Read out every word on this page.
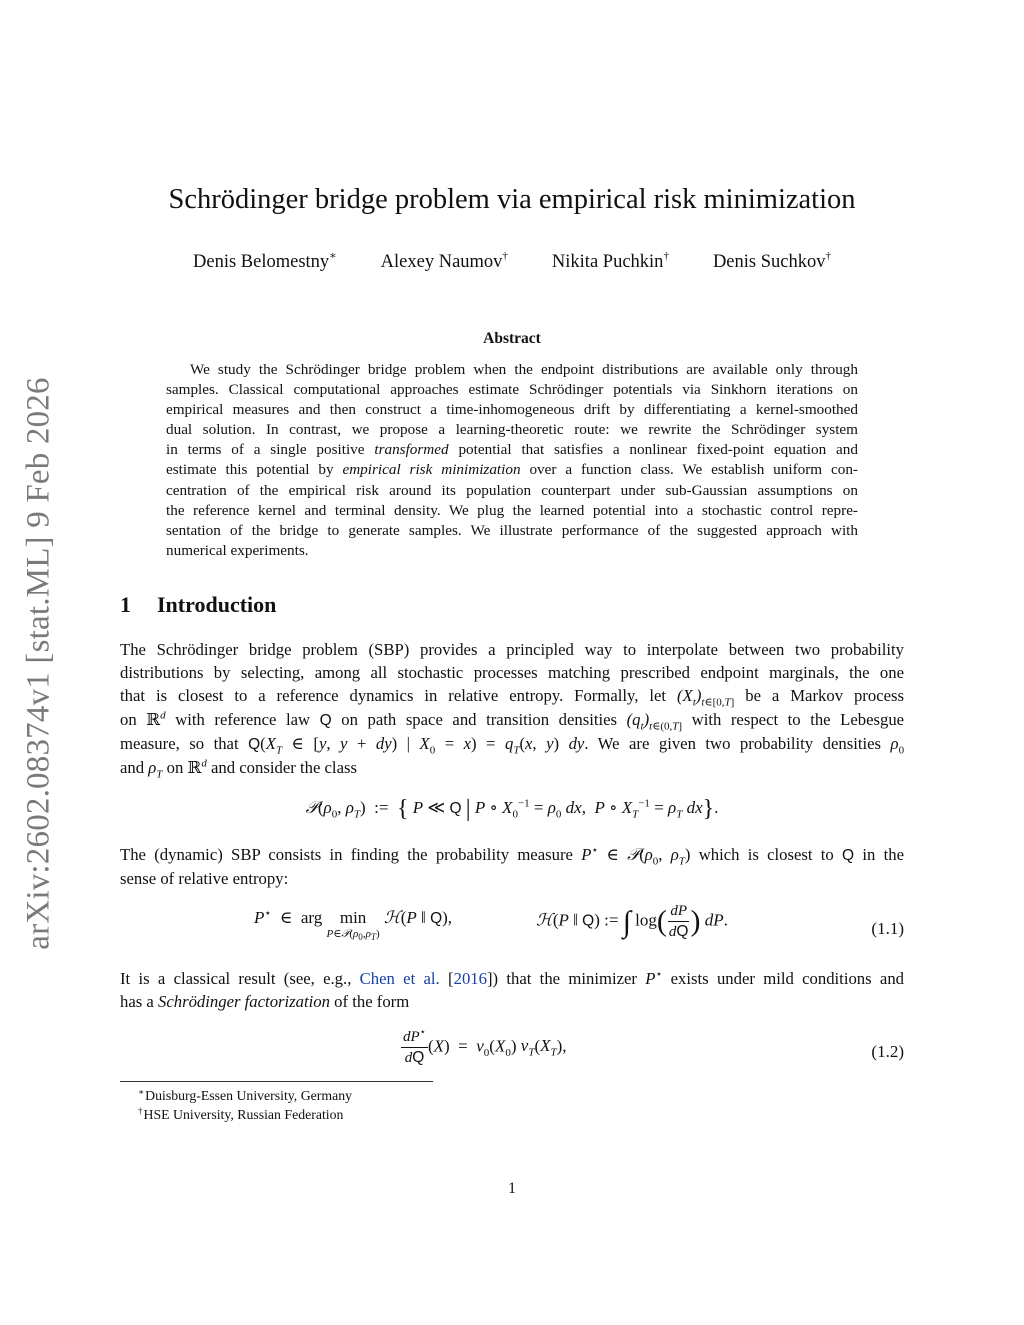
arXiv:2602.08374v1 [stat.ML] 9 Feb 2026
Schrödinger bridge problem via empirical risk minimization
Denis Belomestny∗ Alexey Naumov† Nikita Puchkin† Denis Suchkov†
Abstract
We study the Schrödinger bridge problem when the endpoint distributions are available only through
samples. Classical computational approaches estimate Schrödinger potentials via Sinkhorn iterations on
empirical measures and then construct a time-inhomogeneous drift by differentiating a kernel-smoothed
dual solution. In contrast, we propose a learning-theoretic route: we rewrite the Schrödinger system
in terms of a single positive transformed potential that satisfies a nonlinear fixed-point equation and
estimate this potential by empirical risk minimization over a function class. We establish uniform con-
centration of the empirical risk around its population counterpart under sub-Gaussian assumptions on
the reference kernel and terminal density. We plug the learned potential into a stochastic control repre-
sentation of the bridge to generate samples. We illustrate performance of the suggested approach with
numerical experiments.
1 Introduction
The Schrödinger bridge problem (SBP) provides a principled way to interpolate between two probability
distributions by selecting, among all stochastic processes matching prescribed endpoint marginals, the one
that is closest to a reference dynamics in relative entropy. Formally, let $(X_t)_{t\in[0,T]}$ be a Markov process
on ℝ$^d$ with reference law Q on path space and transition densities $(q_t)_{t\in(0,T]}$ with respect to the Lebesgue
measure, so that $Q(X_T$ ∈ [y, y + dy) | $X_0 = x) = q_T(x$, y) dy. We are given two probability densities $\rho_0$
and $\rho_T$ on ℝ$^d$ and consider the class
$𝒫(\rho_0$, $\rho_T$)  :=  { P ≪ Q | P ∘ $X_0^{-1} = \rho_0$ dx,  P ∘ $X_T^{-1} = \rho_T$ dx}.
The (dynamic) SBP consists in finding the probability measure P⋆ ∈ $𝒫(\rho_0$, $\rho_T$) which is closest to Q in the
sense of relative entropy:
P⋆  ∈  arg min
$P\in 𝒫(\rho_0,\rho_T)$
ℋ(P ‖ Q),	ℋ(P ‖ Q) := ∫ $\log( \frac{dP}{dQ}$ ) dP.	(1.1)
It is a classical result (see, e.g., Chen et al. [2016]) that the minimizer P⋆ exists under mild conditions and
has a Schrödinger factorization of the form
$\frac{dP^⋆}{dQ} (X) = \nu_0(X_0)$ $\nu_T(X_T)$,	(1.2)
∗Duisburg-Essen University, Germany
†HSE University, Russian Federation
1
